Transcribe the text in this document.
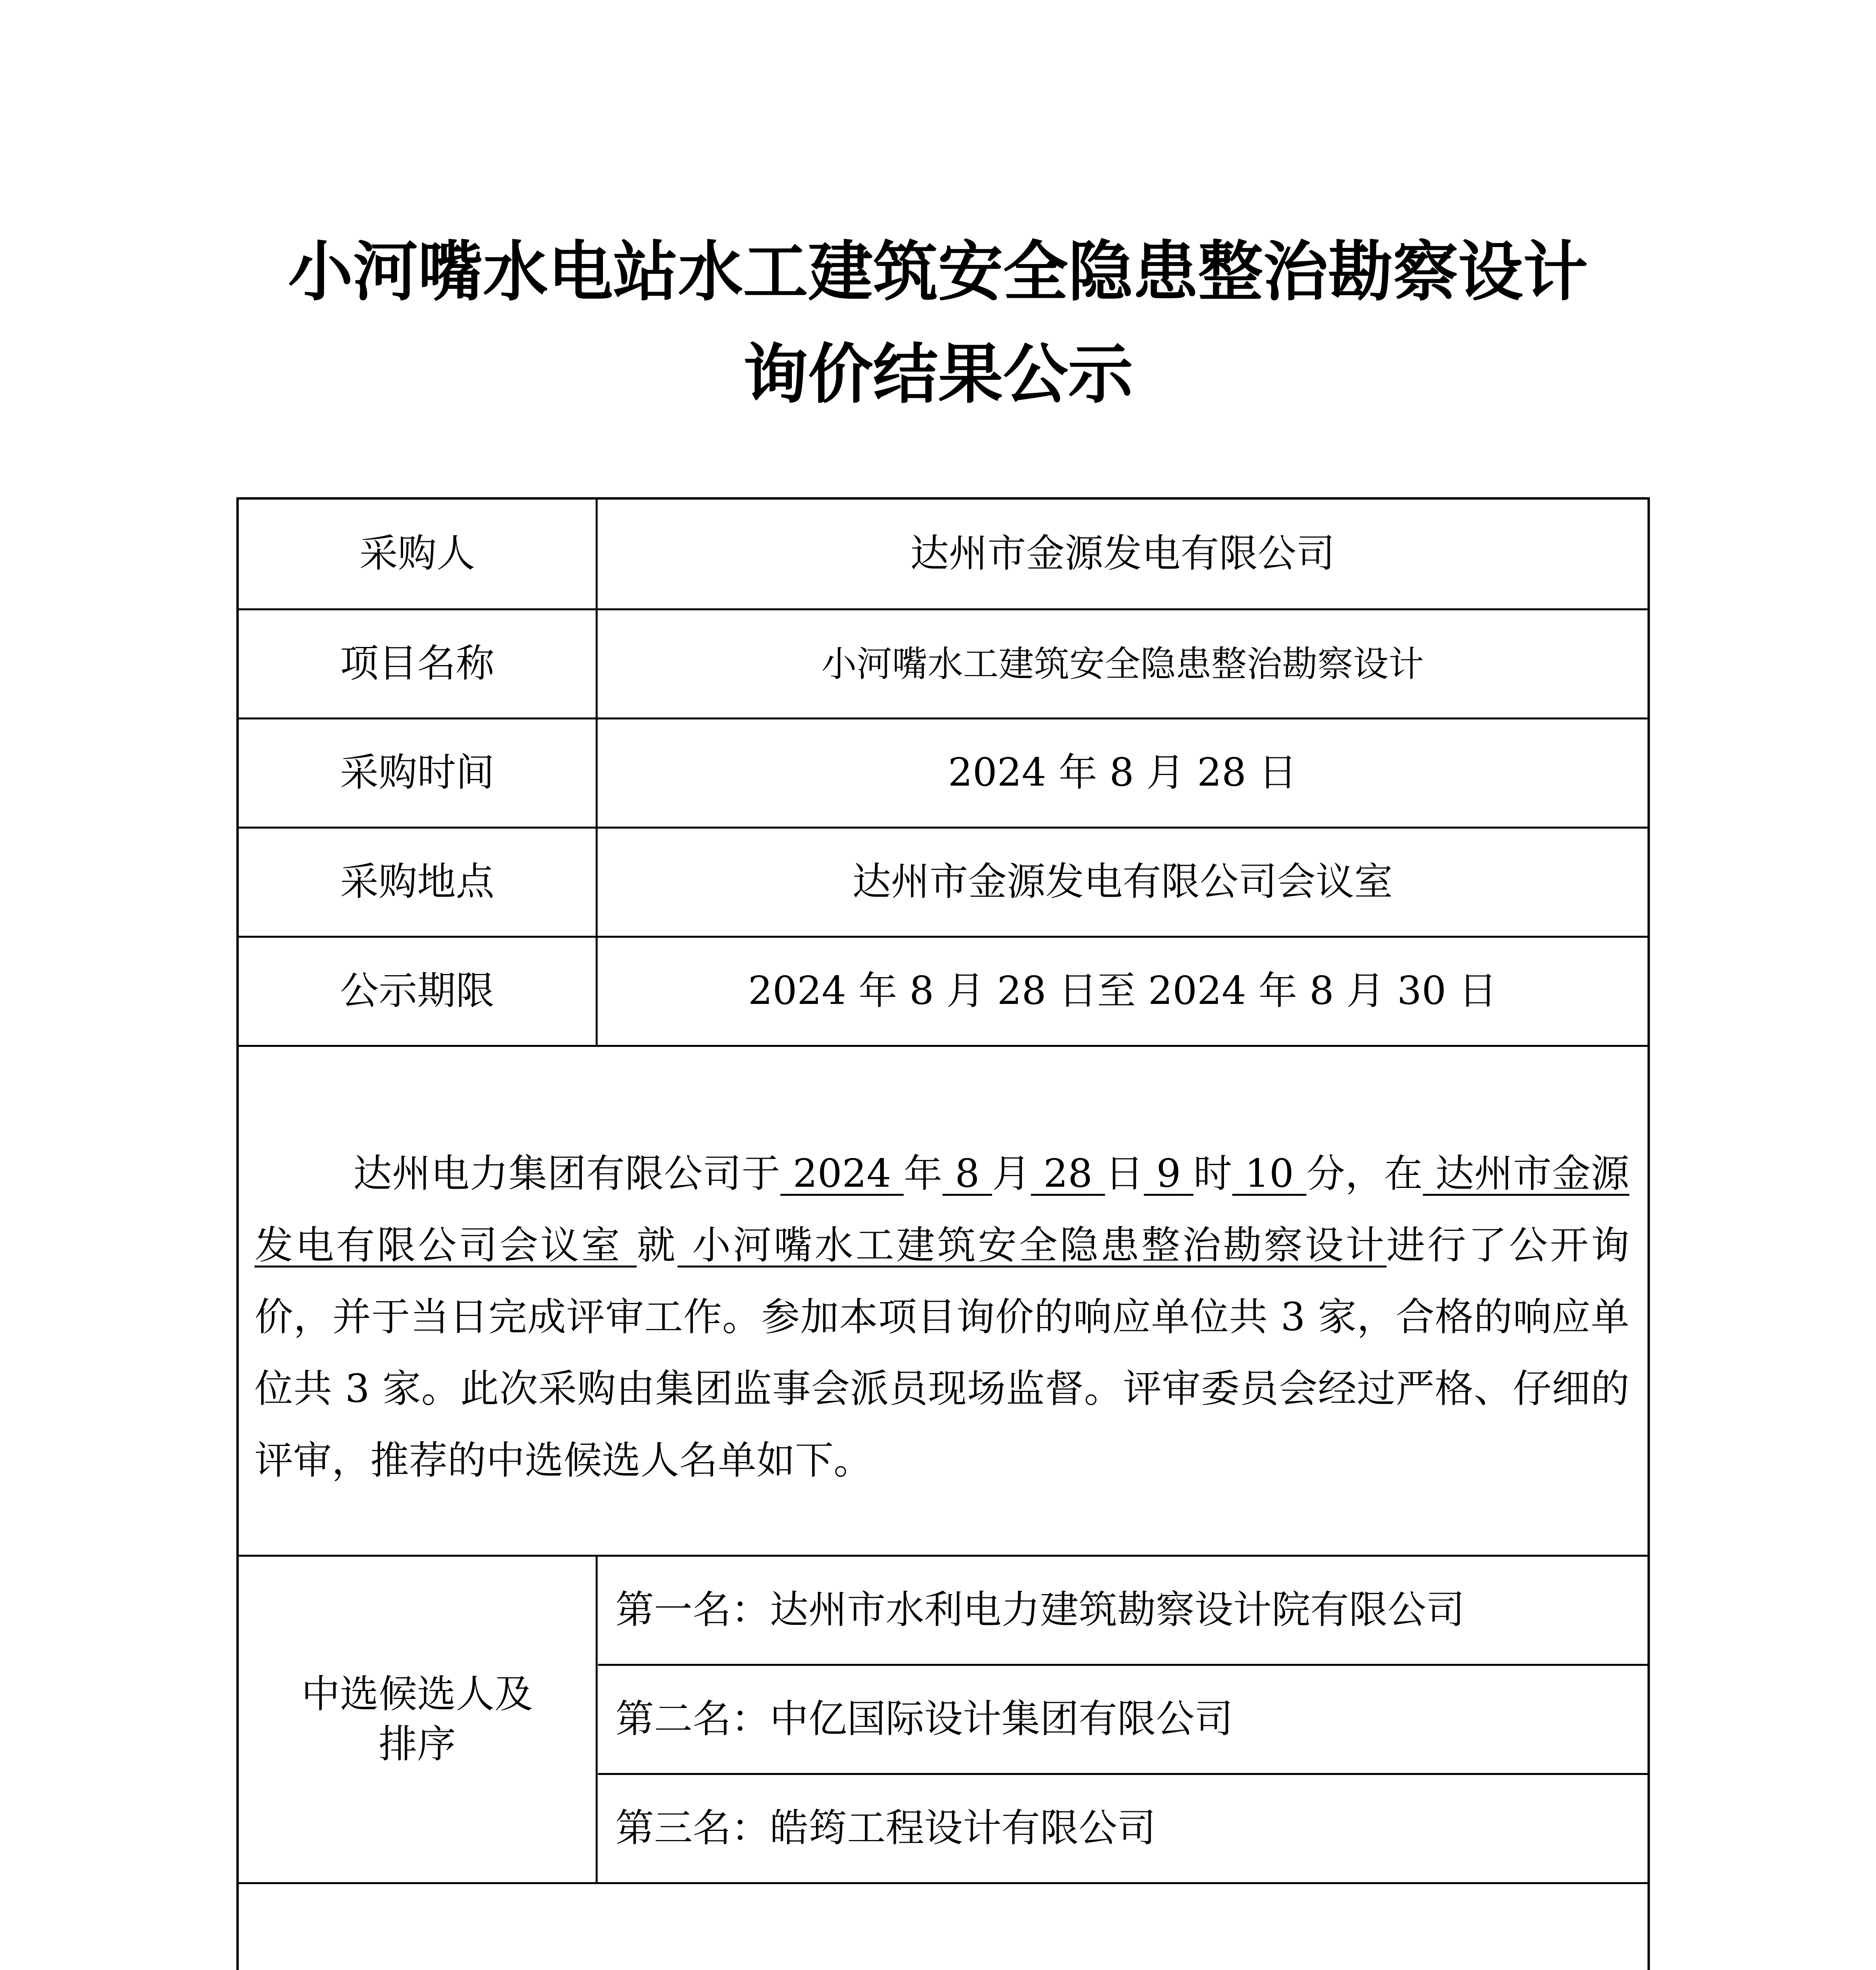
小河嘴水电站水工建筑安全隐患整治勘察设计
询价结果公示
采购人	达州市金源发电有限公司
项目名称	小河嘴水工建筑安全隐患整治勘察设计
采购时间	2024 年 8 月 28 日
采购地点	达州市金源发电有限公司会议室
公示期限	2024 年 8 月 28 日至 2024 年 8 月 30 日

达州电力集团有限公司于 2024 年 8 月 28 日 9 时 10 分，在 达州市金源发电有限公司会议室 就 小河嘴水工建筑安全隐患整治勘察设计进行了公开询价，并于当日完成评审工作。参加本项目询价的响应单位共 3 家，合格的响应单位共 3 家。此次采购由集团监事会派员现场监督。评审委员会经过严格、仔细的评审，推荐的中选候选人名单如下。

中选候选人及
排序
第一名：达州市水利电力建筑勘察设计院有限公司
第二名：中亿国际设计集团有限公司
第三名：皓筠工程设计有限公司
